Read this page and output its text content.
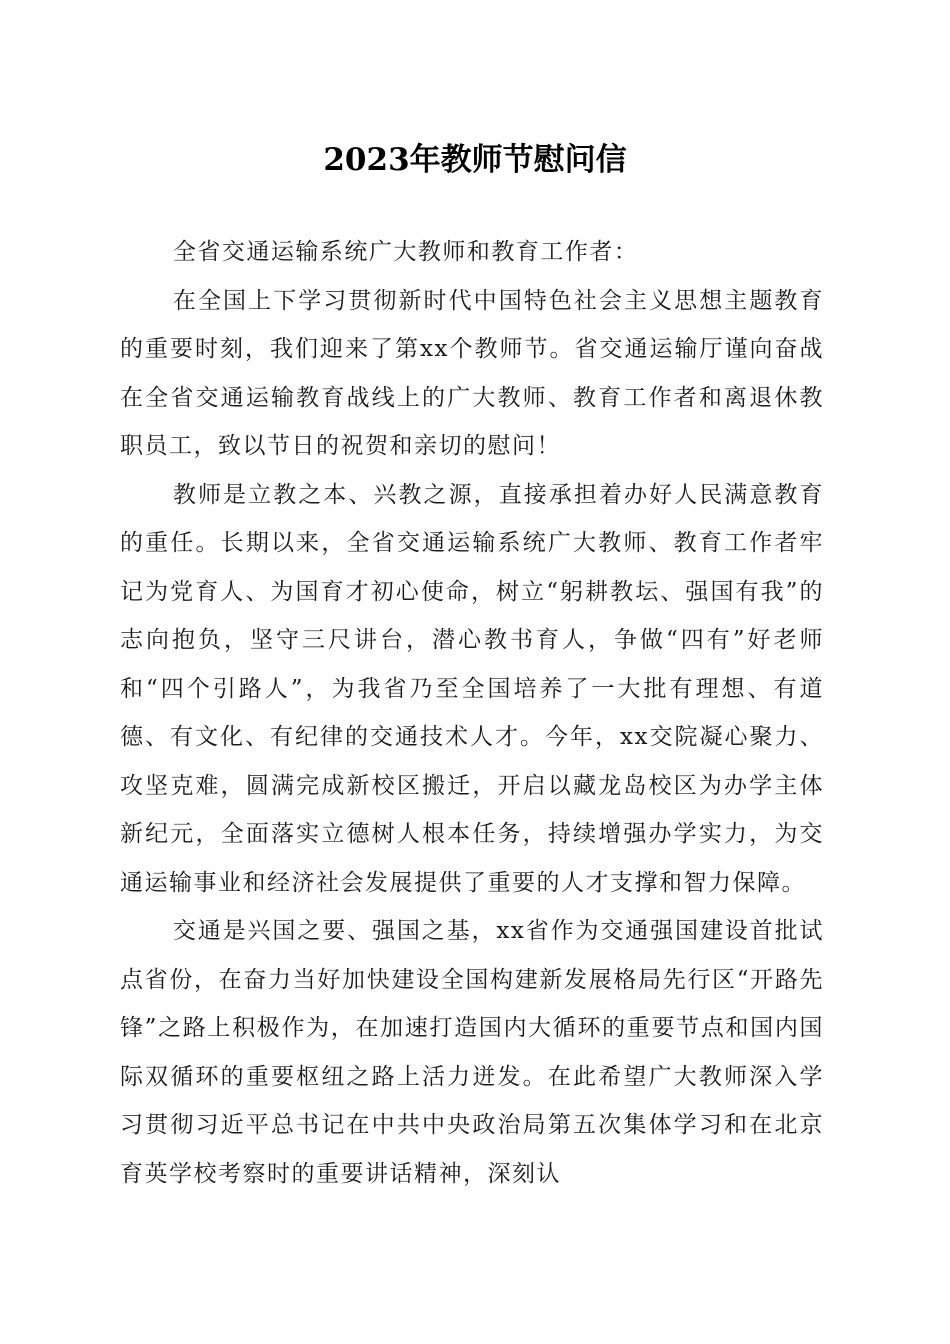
2023年教师节慰问信

全省交通运输系统广大教师和教育工作者：

在全国上下学习贯彻新时代中国特色社会主义思想主题教育的重要时刻，我们迎来了第xx个教师节。省交通运输厅谨向奋战在全省交通运输教育战线上的广大教师、教育工作者和离退休教职员工，致以节日的祝贺和亲切的慰问！

教师是立教之本、兴教之源，直接承担着办好人民满意教育的重任。长期以来，全省交通运输系统广大教师、教育工作者牢记为党育人、为国育才初心使命，树立“躬耕教坛、强国有我”的志向抱负，坚守三尺讲台，潜心教书育人，争做“四有”好老师和“四个引路人”，为我省乃至全国培养了一大批有理想、有道德、有文化、有纪律的交通技术人才。今年，xx交院凝心聚力、攻坚克难，圆满完成新校区搬迁，开启以藏龙岛校区为办学主体新纪元，全面落实立德树人根本任务，持续增强办学实力，为交通运输事业和经济社会发展提供了重要的人才支撑和智力保障。

交通是兴国之要、强国之基，xx省作为交通强国建设首批试点省份，在奋力当好加快建设全国构建新发展格局先行区“开路先锋”之路上积极作为，在加速打造国内大循环的重要节点和国内国际双循环的重要枢纽之路上活力迸发。在此希望广大教师深入学习贯彻习近平总书记在中共中央政治局第五次集体学习和在北京育英学校考察时的重要讲话精神，深刻认
